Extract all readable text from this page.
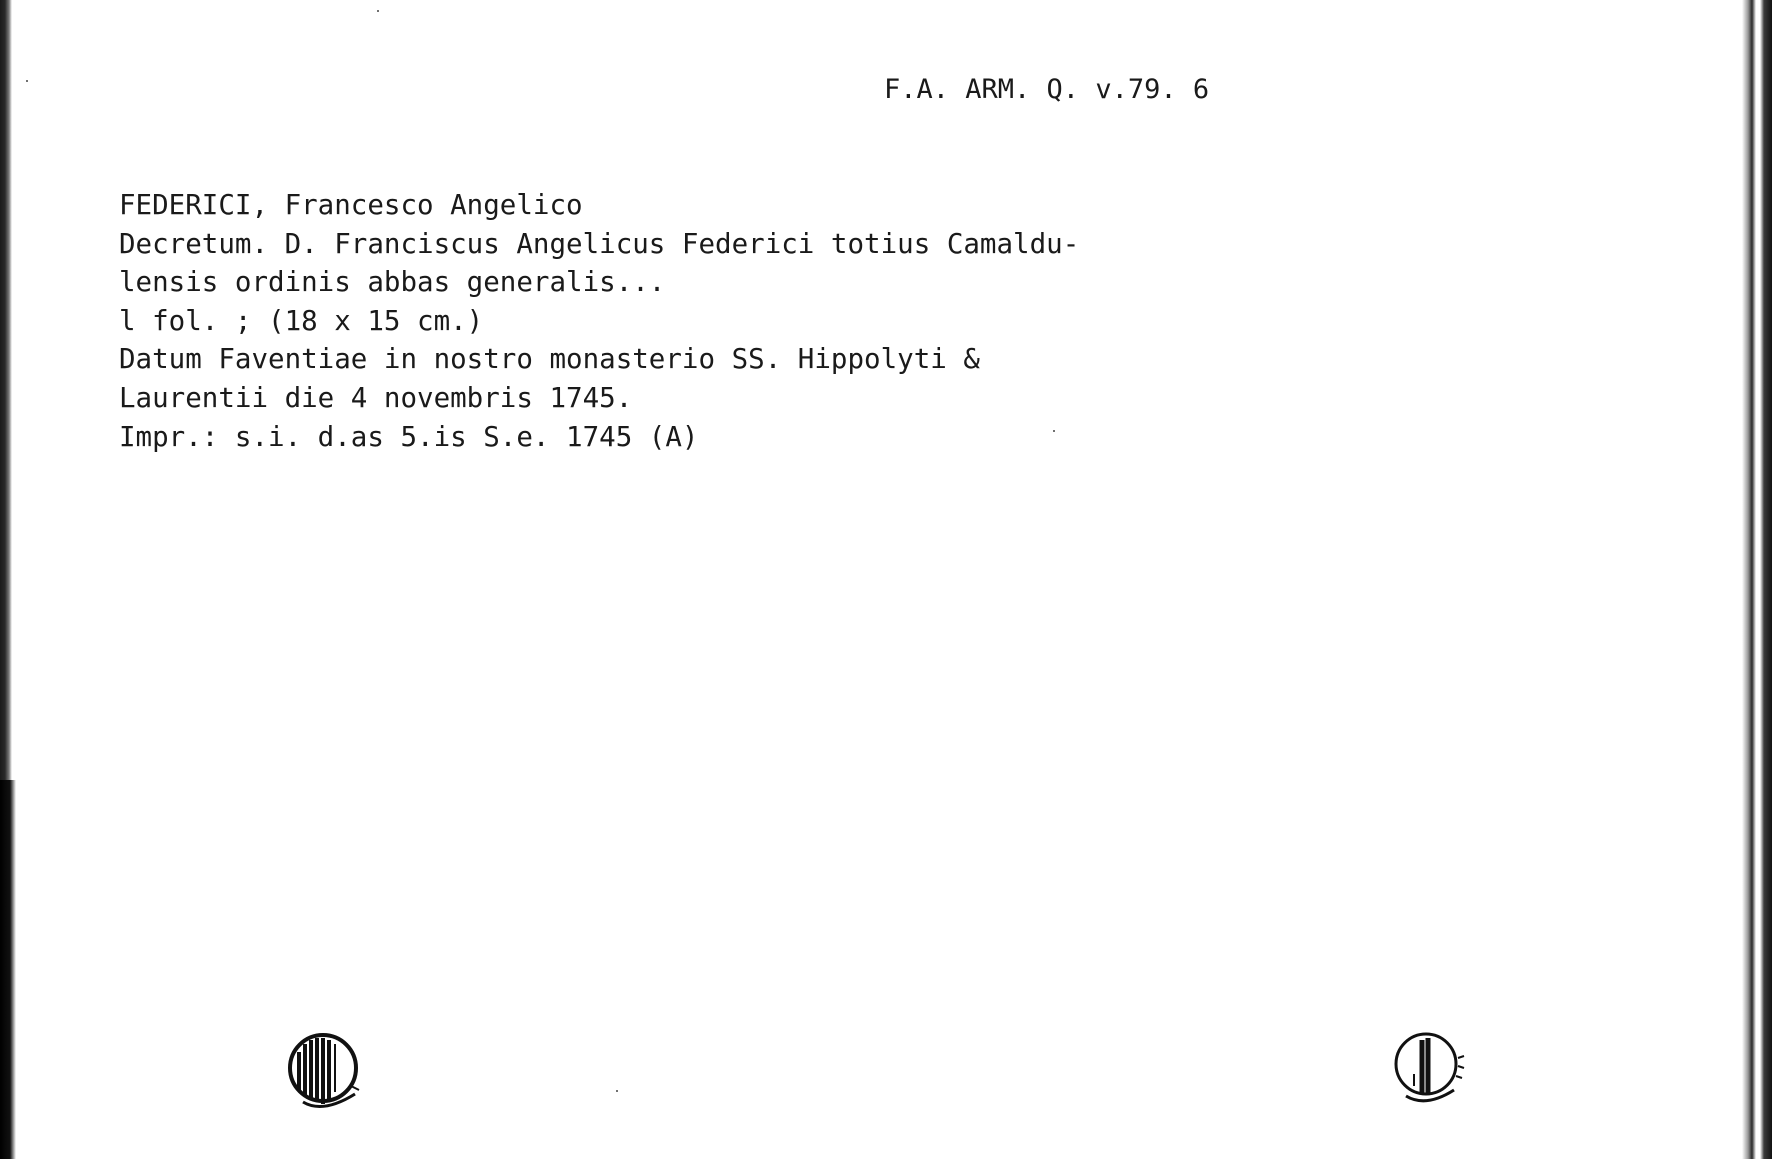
F.A. ARM. Q. v.79. 6

FEDERICI, Francesco Angelico
Decretum. D. Franciscus Angelicus Federici totius Camaldu-
lensis ordinis abbas generalis...
l fol. ; (18 x 15 cm.)
Datum Faventiae in nostro monasterio SS. Hippolyti &
Laurentii die 4 novembris 1745.
Impr.: s.i. d.as 5.is S.e. 1745 (A)
